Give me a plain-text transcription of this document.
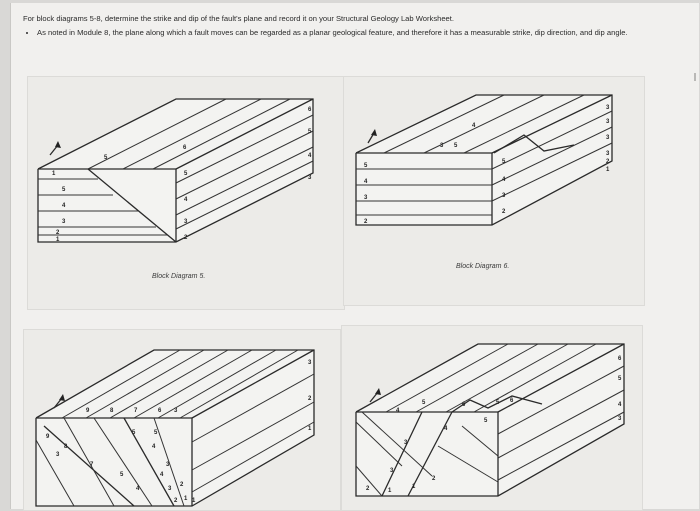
For block diagrams 5-8, determine the strike and dip of the fault's plane and record it on your Structural Geology Lab Worksheet.

• As noted in Module 8, the plane along which a fault moves can be regarded as a planar geological feature, and therefore it has a measurable strike, dip direction, and dip angle.
6
5
4
3
5
6
5
4
3
2
1
5
4
3
2
1
Block Diagram 5.
3
3
3
3
2
1
5
4
3
2
5
4
3
2
3
4
5
Block Diagram 6.
3
2
1
9
8
7
5
4
3
9	8	7	6
5
4
3
2
1
3
5
4
3
2 1
6
5
4
3
6
5
4
3
2
1
2	1
3
4
5	6	5
